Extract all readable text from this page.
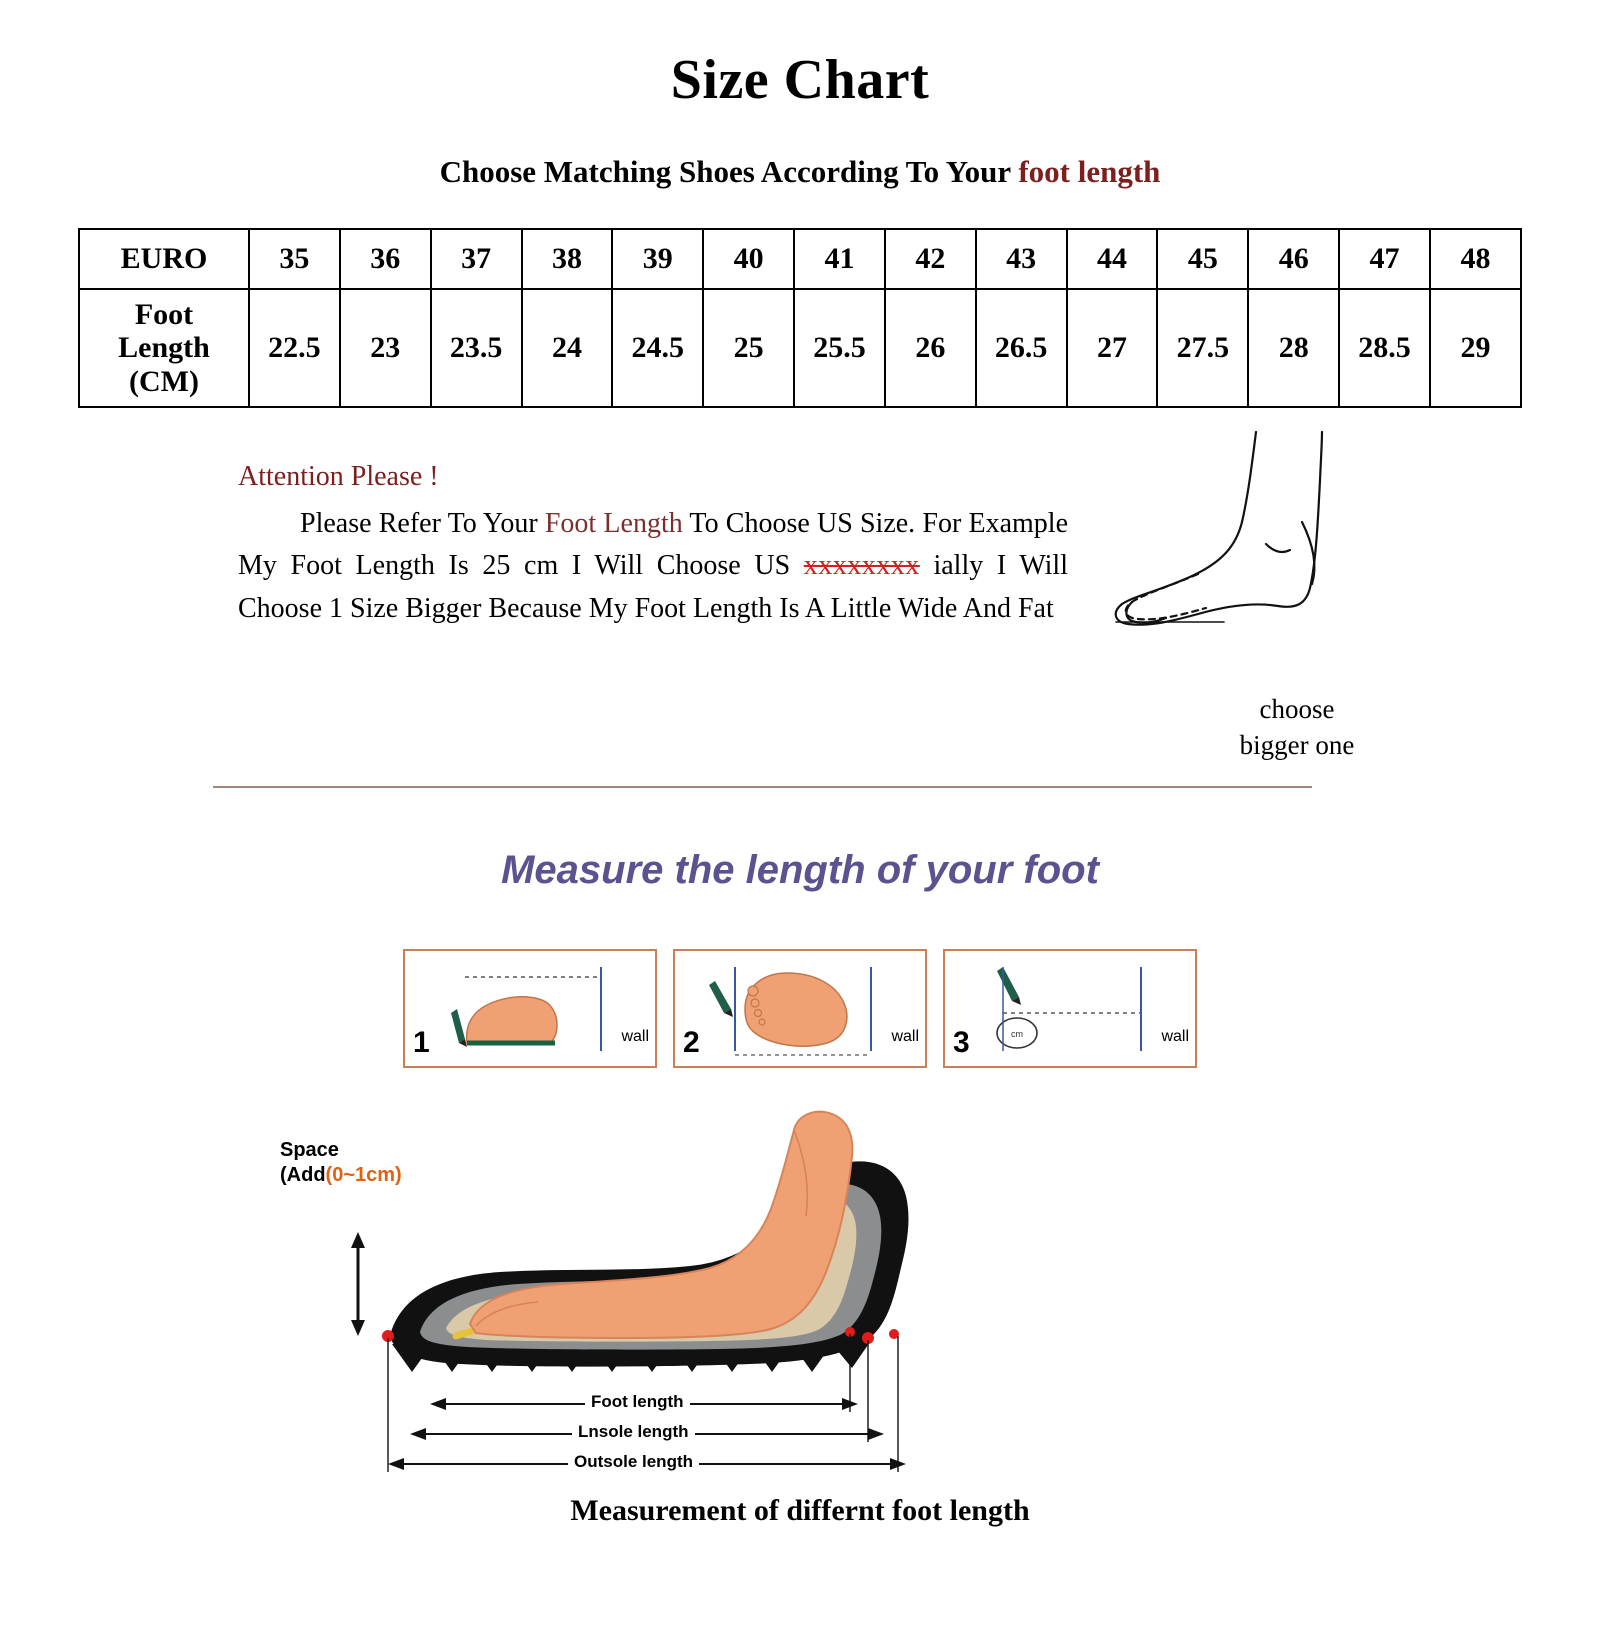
Size Chart
Choose Matching Shoes According To Your foot length
EURO	35	36	37	38	39	40	41	42	43	44	45	46	47	48

Foot
Length
(CM)	22.5	23	23.5	24	24.5	25	25.5	26	26.5	27	27.5	28	28.5	29
Attention Please !
Please Refer To Your Foot Length To Choose US Size. For Example My Foot Length Is 25 cm I Will Choose US xxxxxxxx ially I Will Choose 1 Size Bigger Because My Foot Length Is A Little Wide And Fat
choose
bigger one
Measure the length of your foot
1	wall 2	wall 3	wall
cm
Space
(Add(0~1cm)
Foot length
Lnsole length
Outsole length
Measurement of differnt foot length
